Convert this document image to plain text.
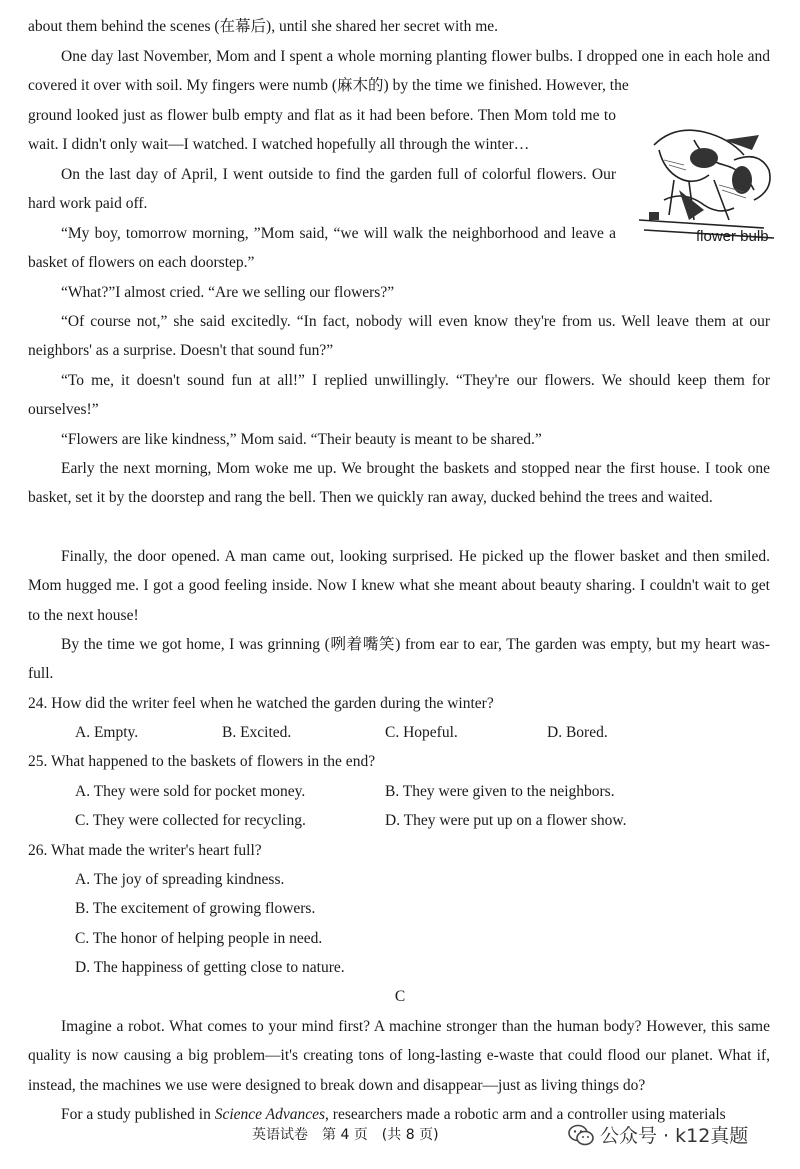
about them behind the scenes (在幕后), until she shared her secret with me.

One day last November, Mom and I spent a whole morning planting flower bulbs. I dropped one in each hole and covered it over with soil. My fingers were numb (麻木的) by the time we finished. However, the

ground looked just as flower bulb empty and flat as it had been before. Then Mom told me to wait. I didn't only wait—I watched. I watched hopefully all through the winter…

On the last day of April, I went outside to find the garden full of colorful flowers. Our hard work paid off.

“My boy, tomorrow morning, ”Mom said, “we will walk the neighborhood and leave a basket of flowers on each doorstep.”

“What?”I almost cried. “Are we selling our flowers?”

“Of course not,” she said excitedly. “In fact, nobody will even know they're from us. Well leave them at our neighbors' as a surprise. Doesn't that sound fun?”

“To me, it doesn't sound fun at all!” I replied unwillingly. “They're our flowers. We should keep them for ourselves!”

“Flowers are like kindness,” Mom said. “Their beauty is meant to be shared.”

Early the next morning, Mom woke me up. We brought the baskets and stopped near the first house. I took one basket, set it by the doorstep and rang the bell. Then we quickly ran away, ducked behind the trees and waited.

Finally, the door opened. A man came out, looking surprised. He picked up the flower basket and then smiled. Mom hugged me. I got a good feeling inside. Now I knew what she meant about beauty sharing. I couldn't wait to get to the next house!

By the time we got home, I was grinning (咧着嘴笑) from ear to ear, The garden was empty, but my heart was-full.

flower bulb

24. How did the writer feel when he watched the garden during the winter?

A. Empty.	B. Excited.	C. Hopeful.	D. Bored.

25. What happened to the baskets of flowers in the end?

A. They were sold for pocket money.	B. They were given to the neighbors.

C. They were collected for recycling.	D. They were put up on a flower show.

26. What made the writer's heart full?

A. The joy of spreading kindness.

B. The excitement of growing flowers.

C. The honor of helping people in need.

D. The happiness of getting close to nature.

C

Imagine a robot. What comes to your mind first? A machine stronger than the human body? However, this same quality is now causing a big problem—it's creating tons of long-lasting e-waste that could flood our planet. What if, instead, the machines we use were designed to break down and disappear—just as living things do?

For a study published in Science Advances, researchers made a robotic arm and a controller using materials

英语试卷　第 4 页　(共 8 页)	公众号 · k12真题
